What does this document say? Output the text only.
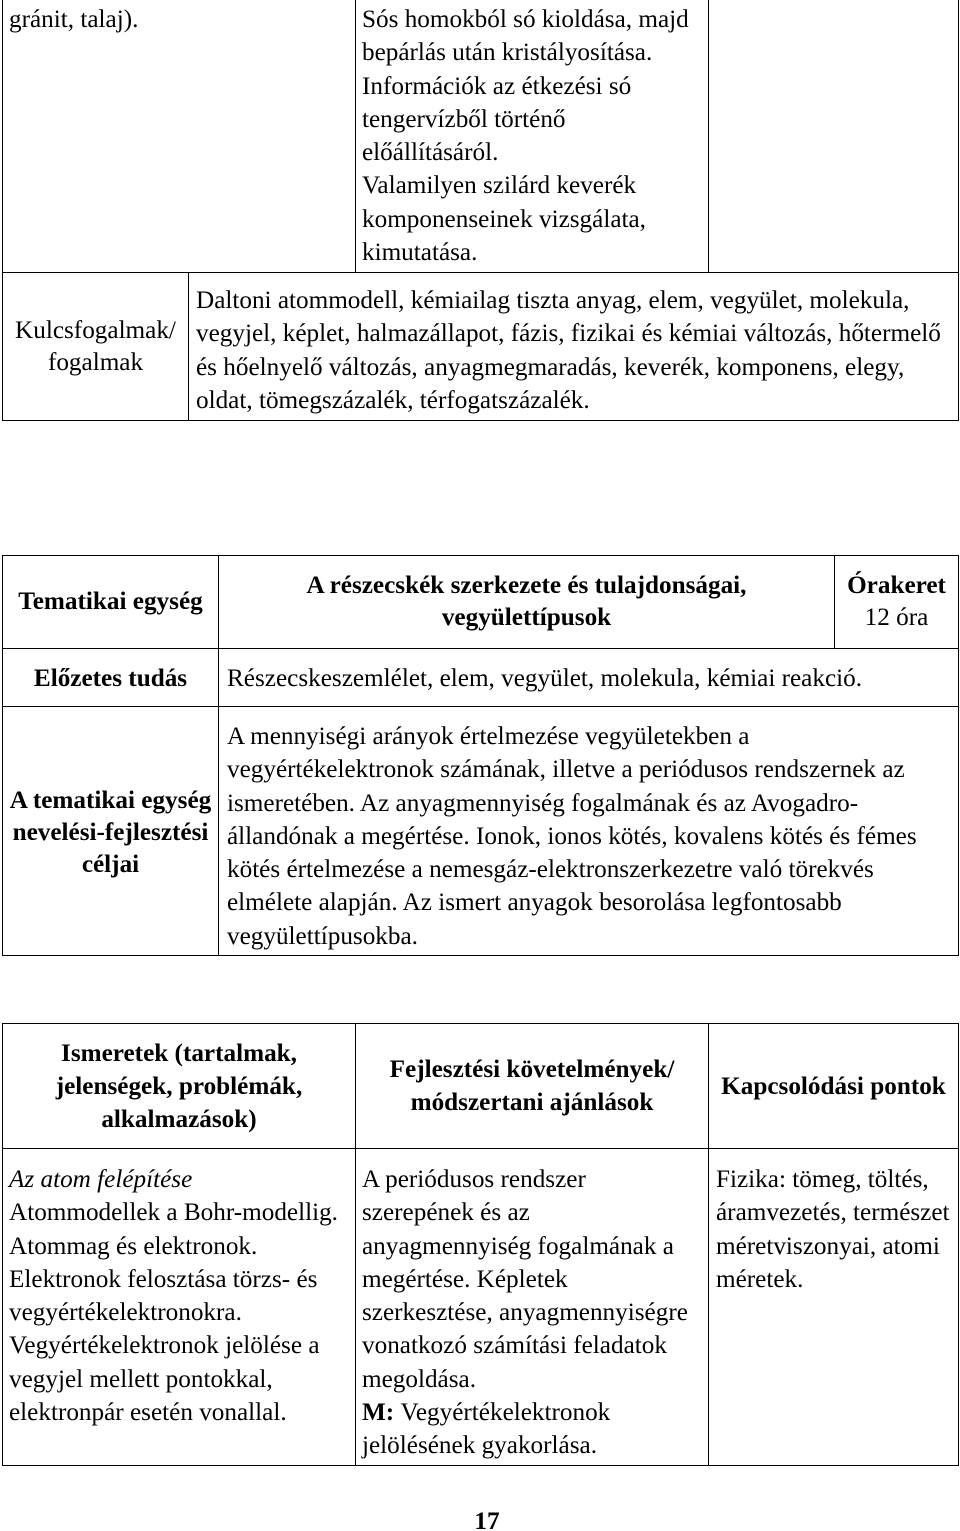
gránit, talaj).	Sós homokból só kioldása, majd
bepárlás után kristályosítása.
Információk az étkezési só
tengervízből történő
előállításáról.
Valamilyen szilárd keverék
komponenseinek vizsgálata,
kimutatása.
Kulcsfogalmak/
fogalmak
Daltoni atommodell, kémiailag tiszta anyag, elem, vegyület, molekula,
vegyjel, képlet, halmazállapot, fázis, fizikai és kémiai változás, hőtermelő
és hőelnyelő változás, anyagmegmaradás, keverék, komponens, elegy,
oldat, tömegszázalék, térfogatszázalék.
Tematikai egység
A részecskék szerkezete és tulajdonságai,
vegyülettípusok
Órakeret
12 óra
Előzetes tudás Részecskeszemlélet, elem, vegyület, molekula, kémiai reakció.
A tematikai egység
nevelési-fejlesztési
céljai
A mennyiségi arányok értelmezése vegyületekben a
vegyértékelektronok számának, illetve a periódusos rendszernek az
ismeretében. Az anyagmennyiség fogalmának és az Avogadro-
állandónak a megértése. Ionok, ionos kötés, kovalens kötés és fémes
kötés értelmezése a nemesgáz-elektronszerkezetre való törekvés
elmélete alapján. Az ismert anyagok besorolása legfontosabb
vegyülettípusokba.
Ismeretek (tartalmak,
jelenségek, problémák,
alkalmazások)
Fejlesztési követelmények/
módszertani ajánlások
Kapcsolódási pontok
Az atom felépítése
Atommodellek a Bohr-modellig.
Atommag és elektronok.
Elektronok felosztása törzs- és
vegyértékelektronokra.
Vegyértékelektronok jelölése a
vegyjel mellett pontokkal,
elektronpár esetén vonallal.
A periódusos rendszer
szerepének és az
anyagmennyiség fogalmának a
megértése. Képletek
szerkesztése, anyagmennyiségre
vonatkozó számítási feladatok
megoldása.
M: Vegyértékelektronok
jelölésének gyakorlása.
Fizika: tömeg, töltés,
áramvezetés, természet
méretviszonyai, atomi
méretek.
17
